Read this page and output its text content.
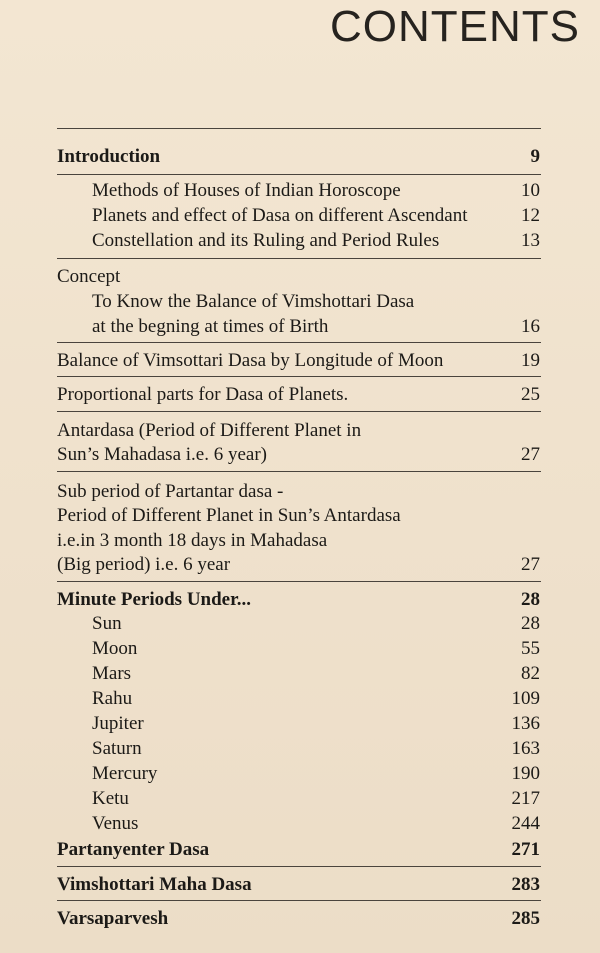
CONTENTS
Introduction	9
Methods of Houses of Indian Horoscope	10
Planets and effect of Dasa on different Ascendant	12
Constellation and its Ruling and Period Rules	13
Concept
To Know the Balance of Vimshottari Dasa
at the begning at times of Birth	16
Balance of Vimsottari Dasa by Longitude of Moon	19
Proportional parts for Dasa of Planets.	25
Antardasa (Period of Different Planet in
Sun’s Mahadasa i.e. 6 year)	27
Sub period of Partantar dasa -
Period of Different Planet in Sun’s Antardasa
i.e.in 3 month 18 days in Mahadasa
(Big period) i.e. 6 year	27
Minute Periods Under...	28
Sun	28
Moon	55
Mars	82
Rahu	109
Jupiter	136
Saturn	163
Mercury	190
Ketu	217
Venus	244
Partanyenter Dasa	271
Vimshottari Maha Dasa	283
Varsaparvesh	285
